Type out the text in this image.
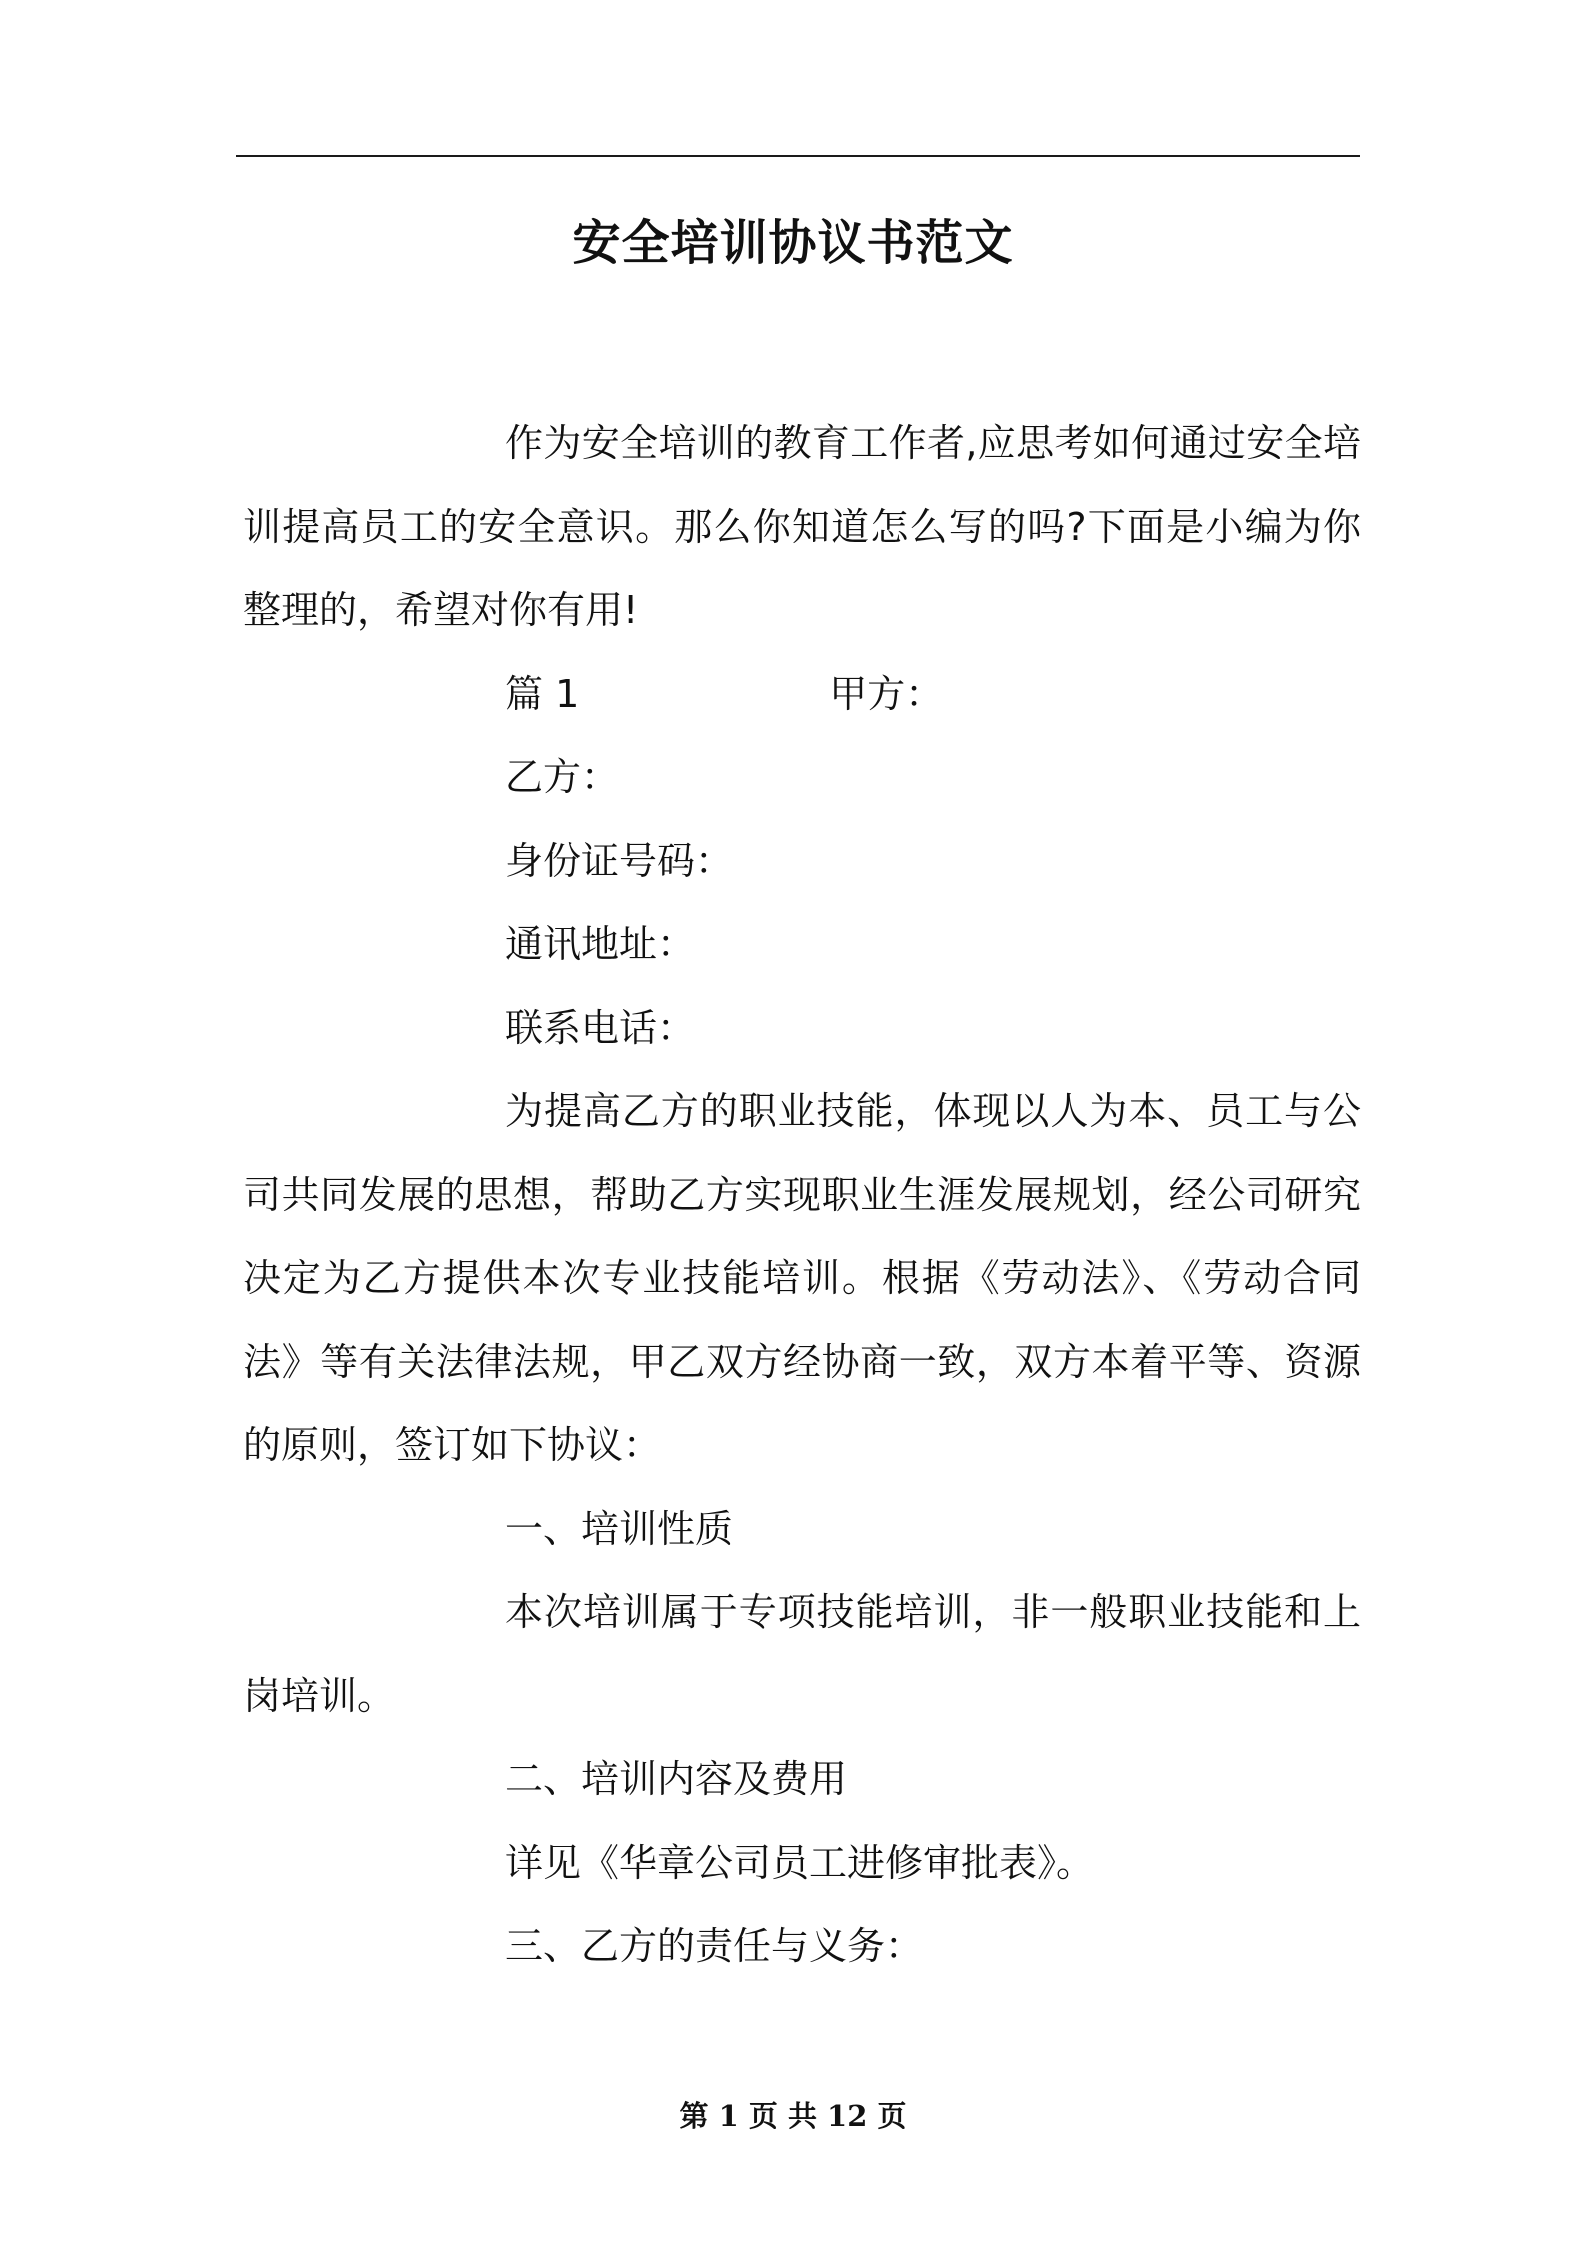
安全培训协议书范文

作为安全培训的教育工作者,应思考如何通过安全培训提高员工的安全意识。那么你知道怎么写的吗?下面是小编为你整理的，希望对你有用!

篇 1	甲方：

乙方：

身份证号码：

通讯地址：

联系电话：

为提高乙方的职业技能，体现以人为本、员工与公司共同发展的思想，帮助乙方实现职业生涯发展规划，经公司研究决定为乙方提供本次专业技能培训。根据《劳动法》、《劳动合同法》等有关法律法规，甲乙双方经协商一致，双方本着平等、资源的原则，签订如下协议：

一、培训性质

本次培训属于专项技能培训，非一般职业技能和上岗培训。

二、培训内容及费用

详见《华章公司员工进修审批表》。

三、乙方的责任与义务：

第 1 页 共 12 页
